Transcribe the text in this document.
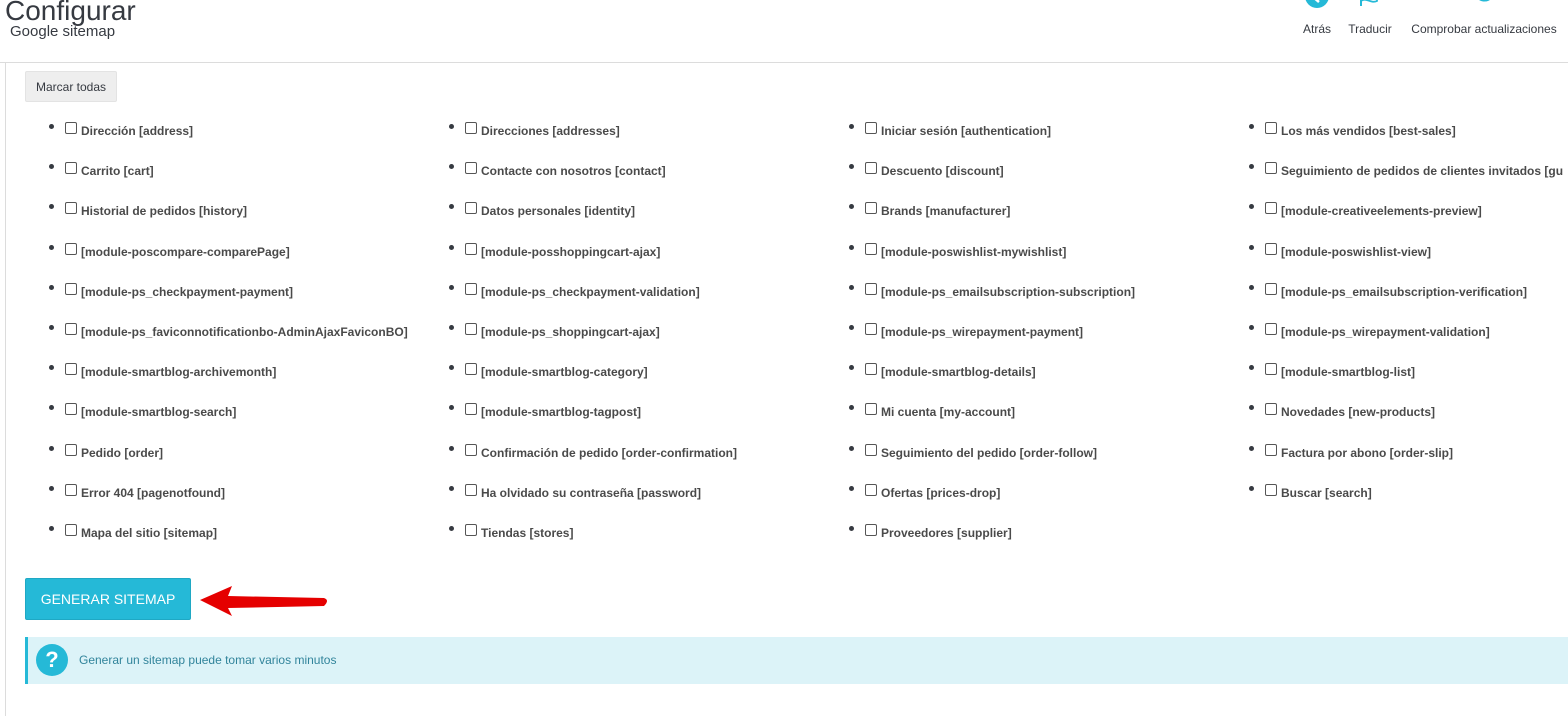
Configurar
Google sitemap	Atrás	Traducir	Comprobar actualizaciones
Marcar todas
Dirección [address]	Direcciones [addresses]	Iniciar sesión [authentication]	Los más vendidos [best-sales]
Carrito [cart]	Contacte con nosotros [contact]	Descuento [discount]	Seguimiento de pedidos de clientes invitados [gu
Historial de pedidos [history]	Datos personales [identity]	Brands [manufacturer]	[module-creativeelements-preview]
[module-poscompare-comparePage]	[module-posshoppingcart-ajax]	[module-poswishlist-mywishlist]	[module-poswishlist-view]
[module-ps_checkpayment-payment]	[module-ps_checkpayment-validation]	[module-ps_emailsubscription-subscription]	[module-ps_emailsubscription-verification]
[module-ps_faviconnotificationbo-AdminAjaxFaviconBO]	[module-ps_shoppingcart-ajax]	[module-ps_wirepayment-payment]	[module-ps_wirepayment-validation]
[module-smartblog-archivemonth]	[module-smartblog-category]	[module-smartblog-details]	[module-smartblog-list]
[module-smartblog-search]	[module-smartblog-tagpost]	Mi cuenta [my-account]	Novedades [new-products]
Pedido [order]	Confirmación de pedido [order-confirmation]	Seguimiento del pedido [order-follow]	Factura por abono [order-slip]
Error 404 [pagenotfound]	Ha olvidado su contraseña [password]	Ofertas [prices-drop]	Buscar [search]
Mapa del sitio [sitemap]	Tiendas [stores]	Proveedores [supplier]
GENERAR SITEMAP
?	Generar un sitemap puede tomar varios minutos
